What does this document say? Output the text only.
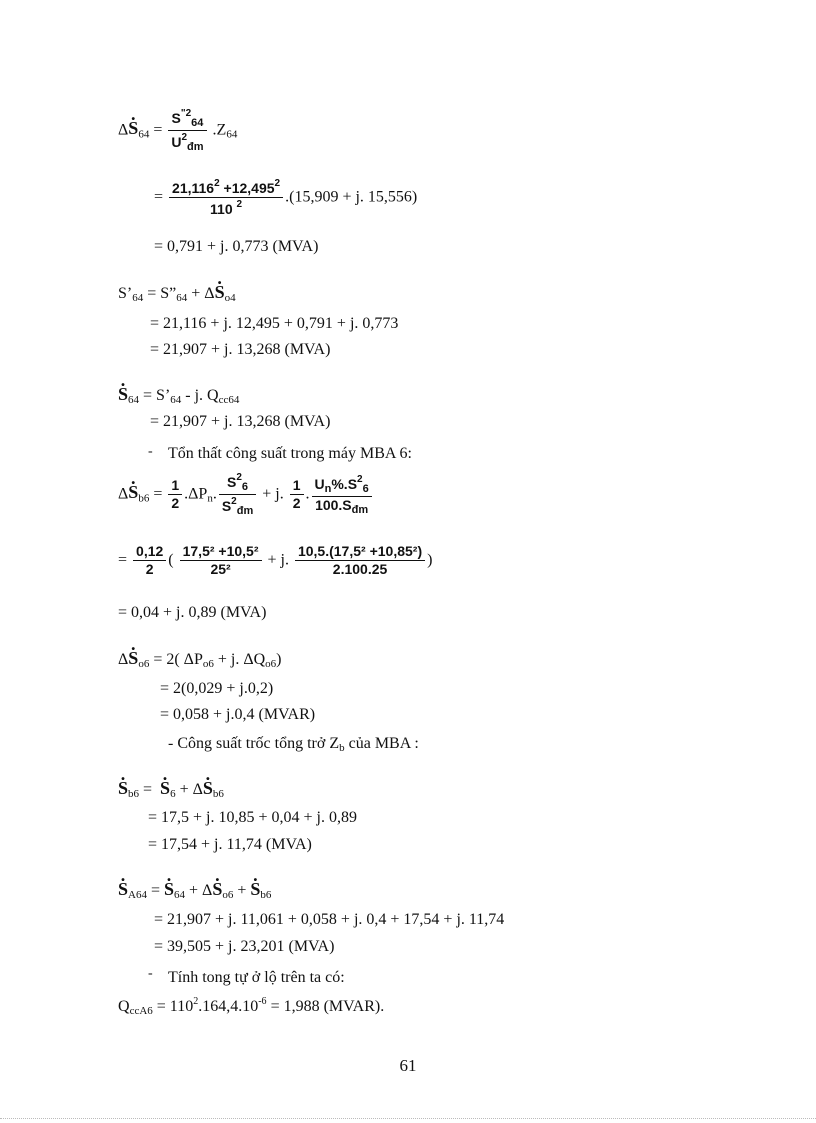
Δ. $S_{64} = \frac{S^{"2}_{64}}{U^2_{đm}} .Z_{64}$
= $\frac{21,116^2 +12,495^2}{110 ^2} .(15,909 + j$. 15,556)
= 0,791 + j. 0,773 (MVA)
$S’_{64}$ = $S”_{64} + \Delta$. $S_{o4}$
= 21,116 + j. 12,495 + 0,791 + j. 0,773
= 21,907 + j. 13,268 (MVA)
. $S_{64}$ = $S’_{64}$ - j. $Q_{cc64}$
= 21,907 + j. 13,268 (MVA)
- Tổn thất công suất trong máy MBA 6:
Δ. $S_{b6} = \frac{1}{2} .\Delta P_n$. $\frac{S^2_6}{S^2_{đm}} + j$. $\frac{1}{2}$ . $\frac{U_n\%.S^2_6}{100.S_{đm}}$
= $\frac{0,12}{2}$ ( $\frac{\text{17,5² +10,5²}}{\text{25²}} + j$. $\frac{\text{10,5.(17,5² +10,85²)}}{2.100.25}$ )
= 0,04 + j. 0,89 (MVA)
Δ. $S_{o6} = 2$( $\Delta P_{o6} + j$. $\Delta Q_{o6}$)
= 2(0,029 + j.0,2)
= 0,058 + j.0,4 (MVAR)
- Công suất trốc tổng trở $Z_b$ của MBA :
. $S_{b6}$ =  . $S_6 + \Delta$. $S_{b6}$
= 17,5 + j. 10,85 + 0,04 + j. 0,89
= 17,54 + j. 11,74 (MVA)
. $S_{A64}$ = . $S_{64} + \Delta$. $S_{o6}$ + . $S_{b6}$
= 21,907 + j. 11,061 + 0,058 + j. 0,4 + 17,54 + j. 11,74
= 39,505 + j. 23,201 (MVA)
- Tính tong tự ở lộ trên ta có:
$Q_{ccA6} = 110^2.164,4.10^{-6} = 1,988$ (MVAR).
61
